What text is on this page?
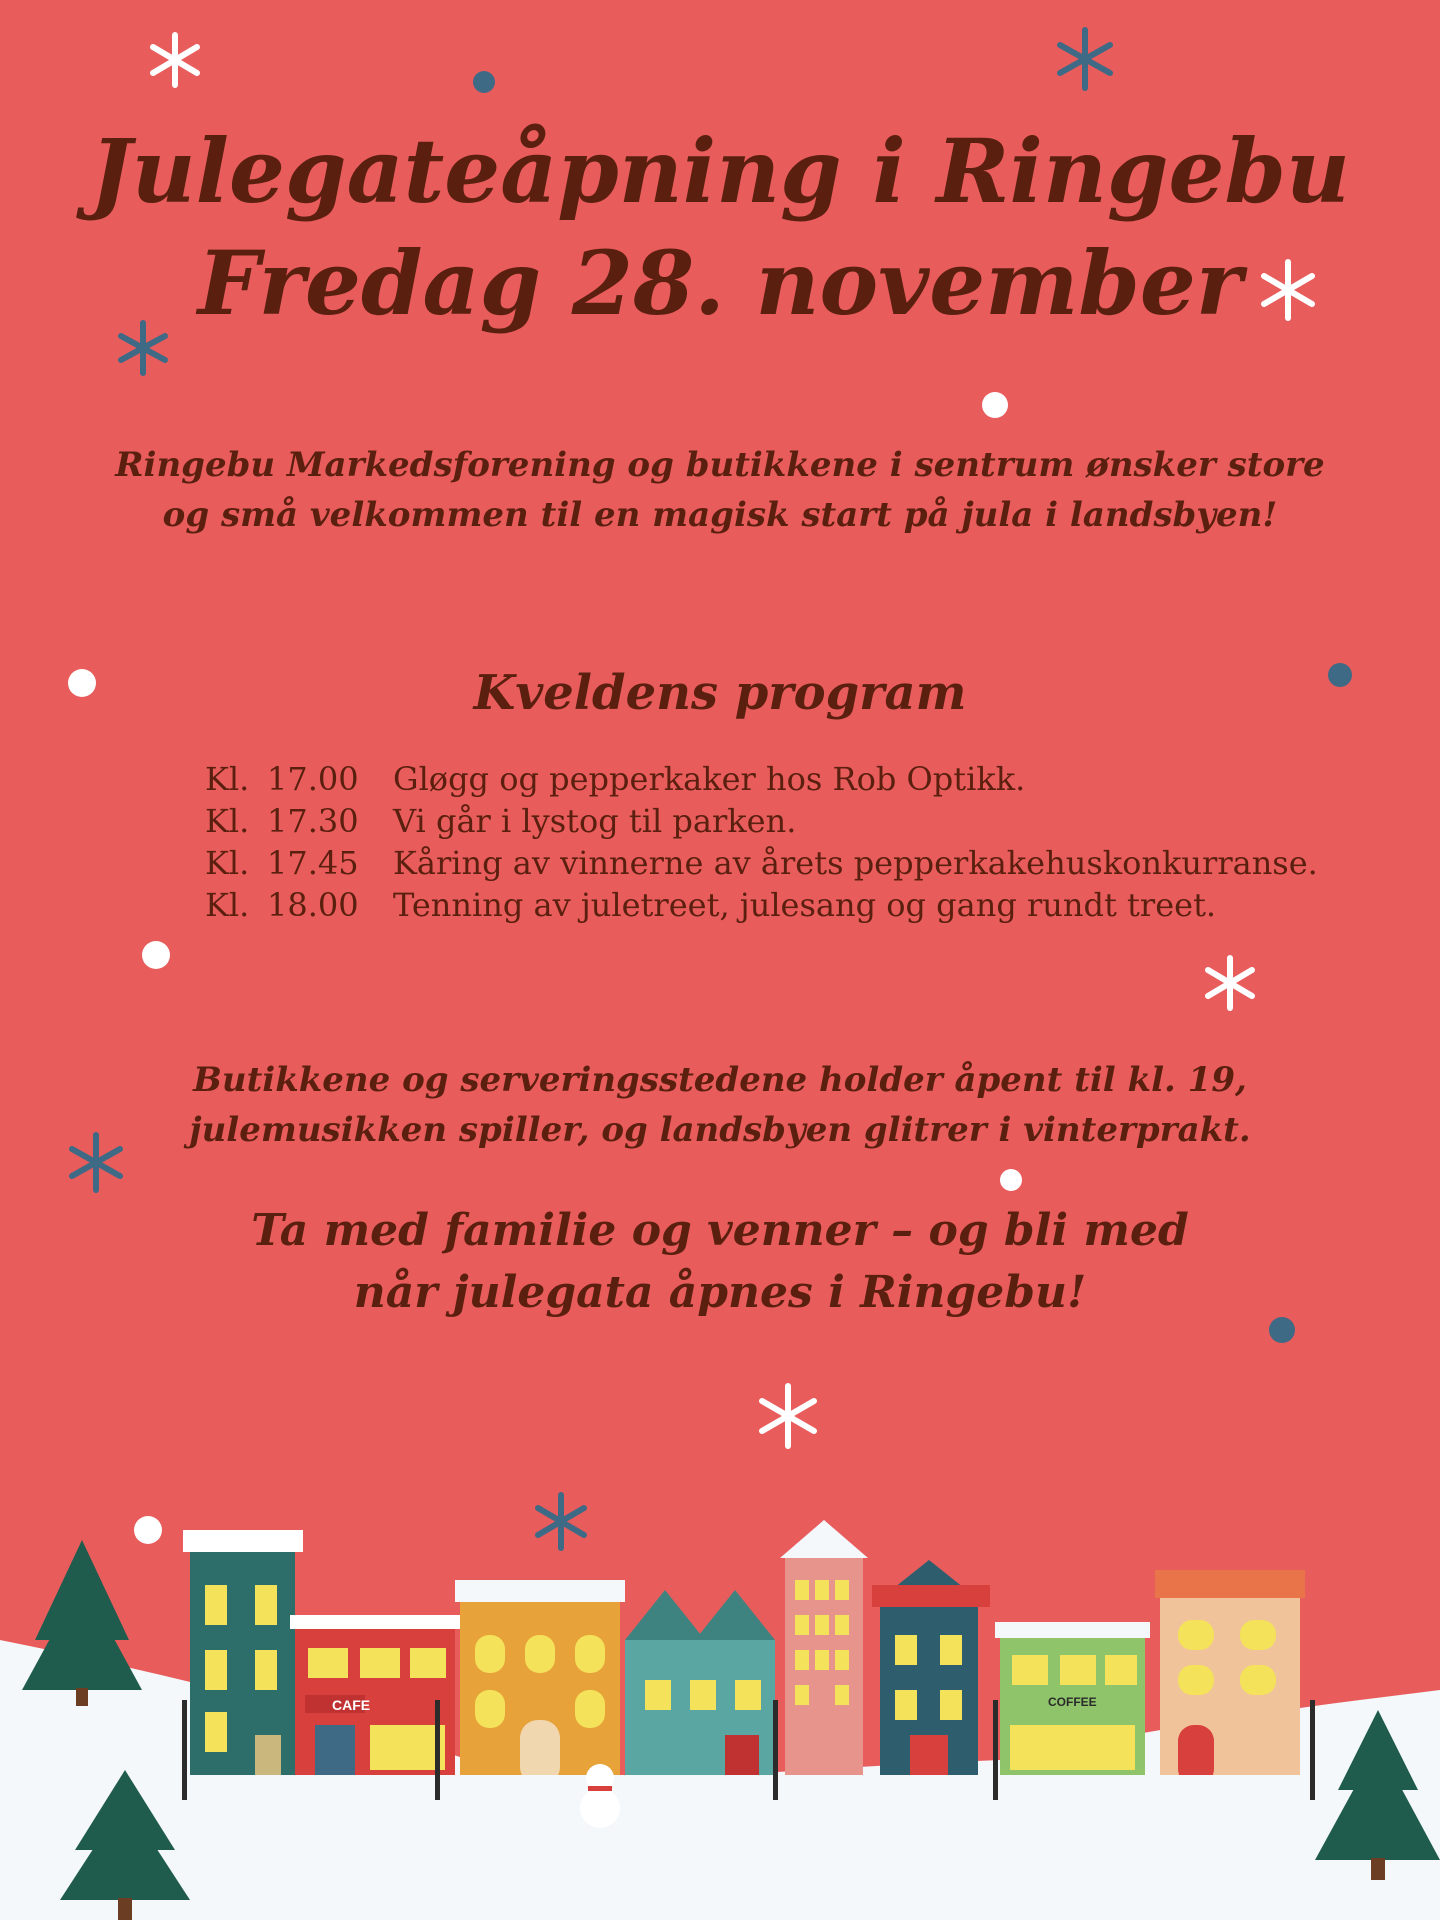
Julegateåpning i Ringebu
Fredag 28. november

Ringebu Markedsforening og butikkene i sentrum ønsker store
og små velkommen til en magisk start på jula i landsbyen!

Kveldens program
Kl. 17.00	Gløgg og pepperkaker hos Rob Optikk.
Kl. 17.30	Vi går i lystog til parken.
Kl. 17.45	Kåring av vinnerne av årets pepperkakehuskonkurranse.
Kl. 18.00	Tenning av juletreet, julesang og gang rundt treet.

Butikkene og serveringsstedene holder åpent til kl. 19,
julemusikken spiller, og landsbyen glitrer i vinterprakt.

Ta med familie og venner – og bli med
når julegata åpnes i Ringebu!

CAFE	COFFEE
